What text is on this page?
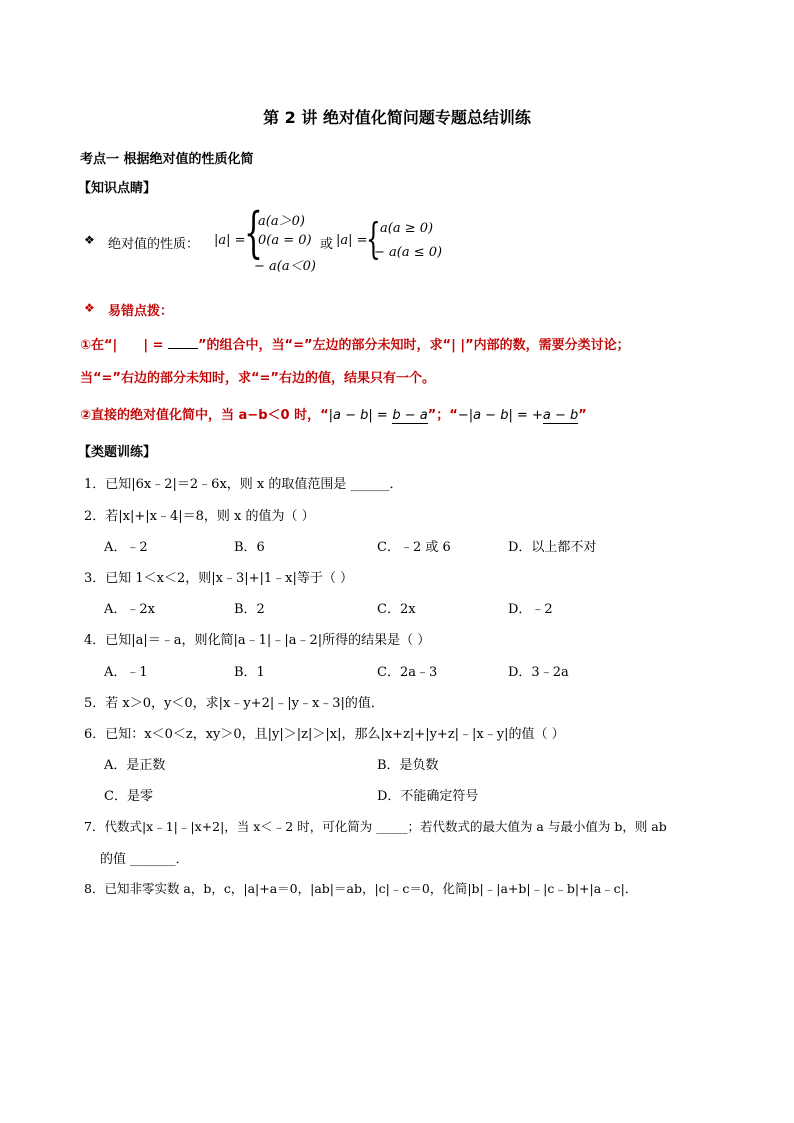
第 2 讲 绝对值化简问题专题总结训练
考点一 根据绝对值的性质化简
【知识点睛】
❖ 绝对值的性质： |a| =
{
a(a＞0)
0(a = 0)
− a(a＜0)
或 |a| =
{ a(a ≥ 0)
− a(a ≤ 0)
❖ 易错点拨：
①在“| | =	”的组合中，当“=”左边的部分未知时，求“| |”内部的数，需要分类讨论；
当“=”右边的部分未知时，求“=”右边的值，结果只有一个。
②直接的绝对值化简中，当 a−b＜0 时，“|a − b| = b − a”；“−|a − b| = +a − b”
【类题训练】
1．已知|6x﹣2|＝2﹣6x，则 x 的取值范围是 ______．
2．若|x|+|x﹣4|＝8，则 x 的值为（ ）
A．﹣2	B．6	C．﹣2 或 6	D．以上都不对
3．已知 1＜x＜2，则|x﹣3|+|1﹣x|等于（ ）
A．﹣2x	B．2	C．2x	D．﹣2
4．已知|a|＝﹣a，则化简|a﹣1|﹣|a﹣2|所得的结果是（ ）
A．﹣1	B．1	C．2a﹣3	D．3﹣2a
5．若 x＞0，y＜0，求|x﹣y+2|﹣|y﹣x﹣3|的值．
6．已知：x＜0＜z，xy＞0，且|y|＞|z|＞|x|，那么|x+z|+|y+z|﹣|x﹣y|的值（ ）
A．是正数	B．是负数
C．是零	D．不能确定符号
7．代数式|x﹣1|﹣|x+2|，当 x＜﹣2 时，可化简为 _____；若代数式的最大值为 a 与最小值为 b，则 ab
的值 _______．
8．已知非零实数 a，b，c，|a|+a＝0，|ab|＝ab，|c|﹣c＝0，化简|b|﹣|a+b|﹣|c﹣b|+|a﹣c|．
